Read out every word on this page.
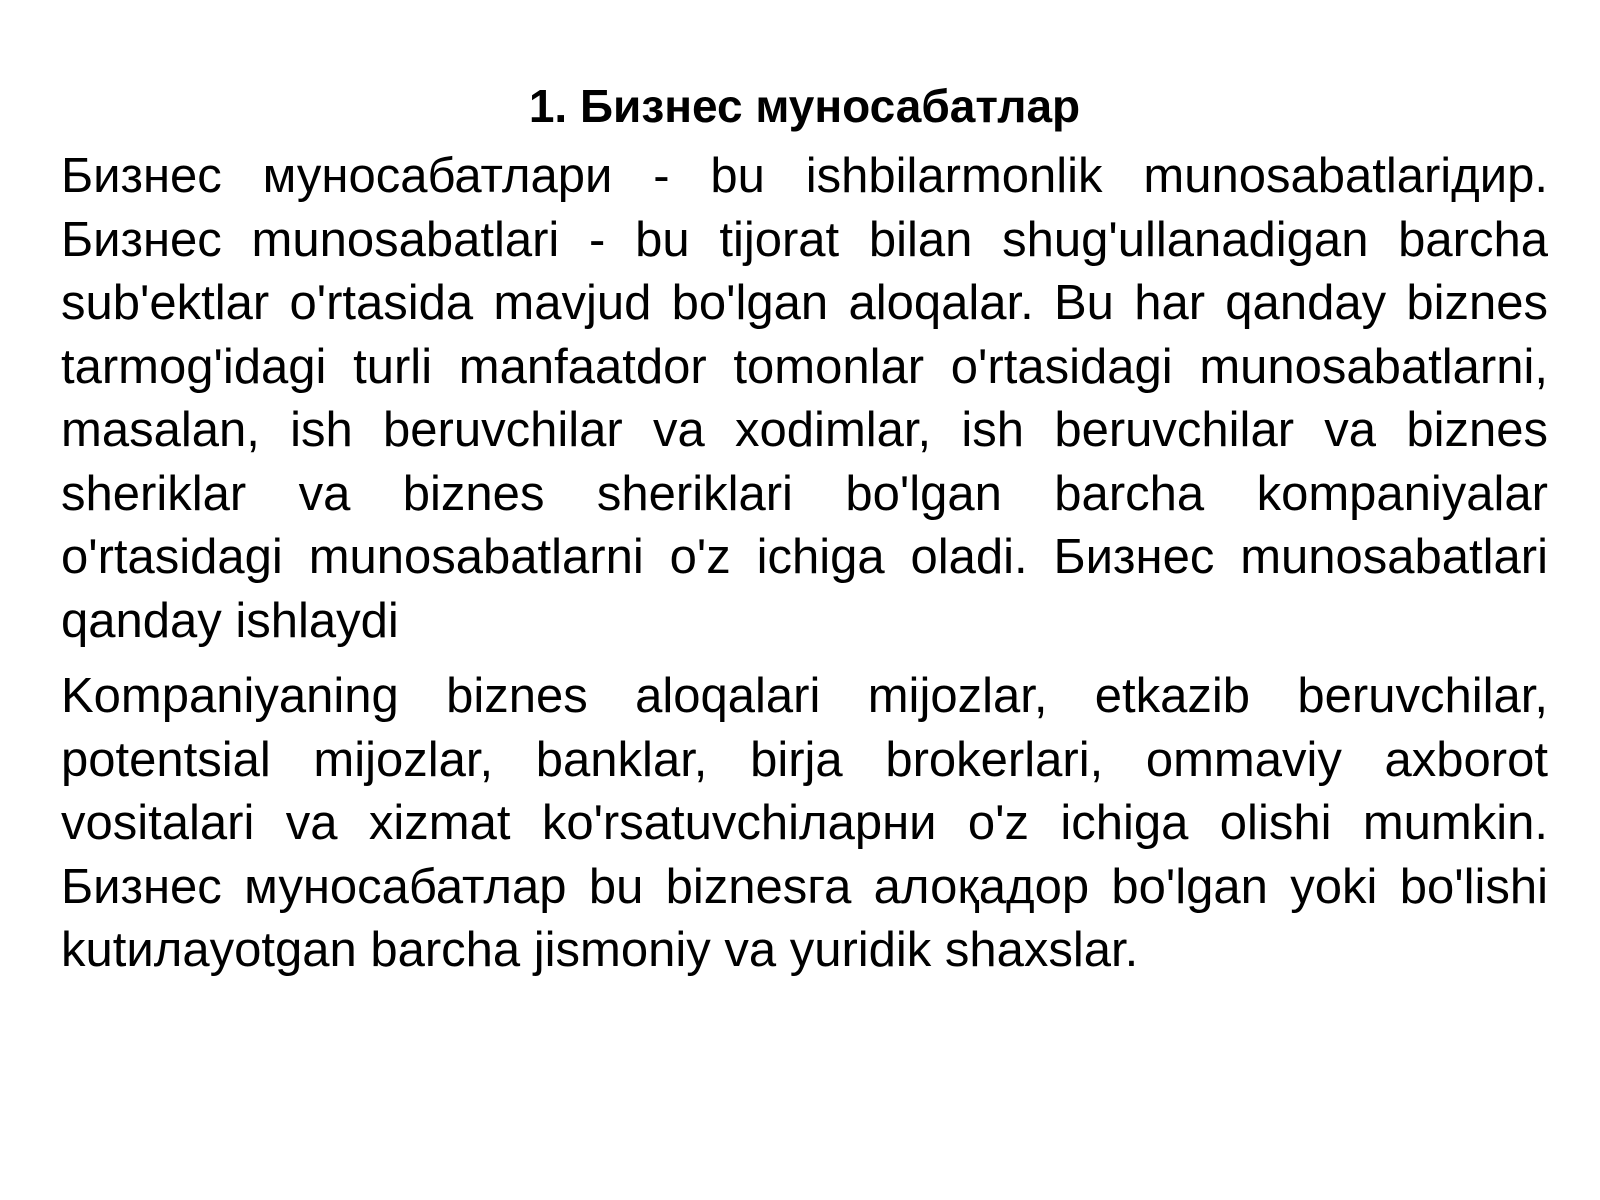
1. Бизнес муносабатлар

Бизнес муносабатлари - bu ishbilarmonlik munosabatlariдир. Бизнес munosabatlari - bu tijorat bilan shug'ullanadigan barcha sub'ektlar o'rtasida mavjud bo'lgan aloqalar. Bu har qanday biznes tarmog'idagi turli manfaatdor tomonlar o'rtasidagi munosabatlarni, masalan, ish beruvchilar va xodimlar, ish beruvchilar va biznes sheriklar va biznes sheriklari bo'lgan barcha kompaniyalar o'rtasidagi munosabatlarni o'z ichiga oladi. Бизнес munosabatlari qanday ishlaydi

Kompaniyaning biznes aloqalari mijozlar, etkazib beruvchilar, potentsial mijozlar, banklar, birja brokerlari, ommaviy axborot vositalari va xizmat ko'rsatuvchiларни o'z ichiga olishi mumkin. Бизнес муносабатлар bu biznesга алоқадор bo'lgan yoki bo'lishi kutилayotgan barcha jismoniy va yuridik shaxslar.
